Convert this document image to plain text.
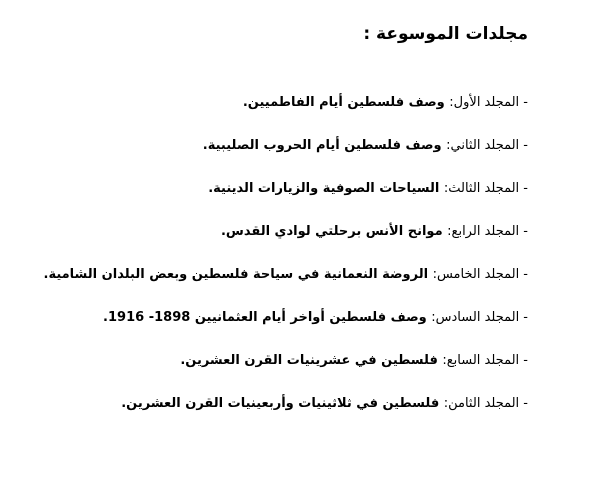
مجلدات الموسوعة :
- المجلد الأول: وصف فلسطين أيام الفاطميين.
- المجلد الثاني: وصف فلسطين أيام الحروب الصليبية.
- المجلد الثالث: السياحات الصوفية والزيارات الدينية.
- المجلد الرابع: موانح الأنس برحلتي لوادي القدس.
- المجلد الخامس: الروضة النعمانية في سياحة فلسطين وبعض البلدان الشامية.
- المجلد السادس: وصف فلسطين أواخر أيام العثمانيين 1898- 1916.
- المجلد السابع: فلسطين في عشرينيات القرن العشرين.
- المجلد الثامن: فلسطين في ثلاثينيات وأربعينيات القرن العشرين.
